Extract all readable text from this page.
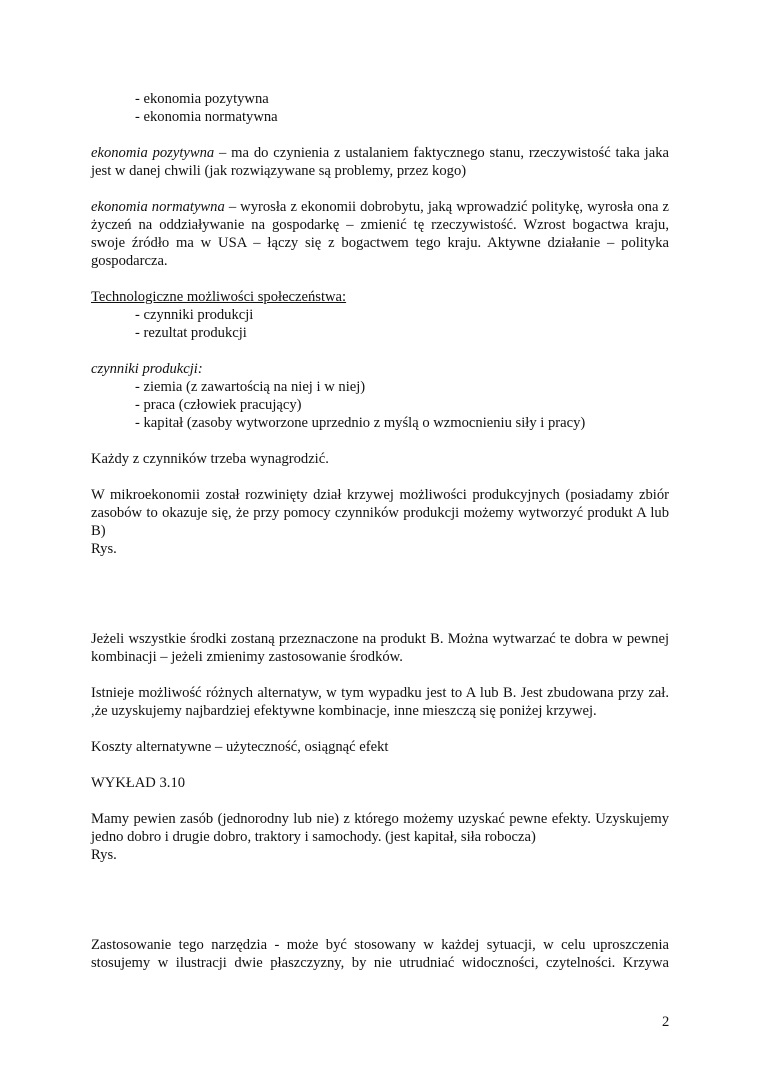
- ekonomia pozytywna
- ekonomia normatywna

ekonomia pozytywna – ma do czynienia z ustalaniem faktycznego stanu, rzeczywistość taka jaka jest w danej chwili (jak rozwiązywane są problemy, przez kogo)

ekonomia normatywna – wyrosła z ekonomii dobrobytu, jaką wprowadzić politykę, wyrosła ona z życzeń na oddziaływanie na gospodarkę – zmienić tę rzeczywistość. Wzrost bogactwa kraju, swoje źródło ma w USA – łączy się z bogactwem tego kraju. Aktywne działanie – polityka gospodarcza.

Technologiczne możliwości społeczeństwa:
- czynniki produkcji
- rezultat produkcji
czynniki produkcji:
- ziemia (z zawartością na niej i w niej)
- praca (człowiek pracujący)
- kapitał (zasoby wytworzone uprzednio z myślą o wzmocnieniu siły i pracy)

Każdy z czynników trzeba wynagrodzić.

W mikroekonomii został rozwinięty dział krzywej możliwości produkcyjnych (posiadamy zbiór zasobów to okazuje się, że przy pomocy czynników produkcji możemy wytworzyć produkt A lub B)

Rys.

Jeżeli wszystkie środki zostaną przeznaczone na produkt B. Można wytwarzać te dobra w pewnej kombinacji – jeżeli zmienimy zastosowanie środków.

Istnieje możliwość różnych alternatyw, w tym wypadku jest to A lub B. Jest zbudowana przy zał. ,że uzyskujemy najbardziej efektywne kombinacje, inne mieszczą się poniżej krzywej.

Koszty alternatywne – użyteczność, osiągnąć efekt

WYKŁAD 3.10

Mamy pewien zasób (jednorodny lub nie) z którego możemy uzyskać pewne efekty. Uzyskujemy jedno dobro i drugie dobro, traktory i samochody. (jest kapitał, siła robocza)

Rys.

Zastosowanie tego narzędzia - może być stosowany w każdej sytuacji, w celu uproszczenia stosujemy w ilustracji dwie płaszczyzny, by nie utrudniać widoczności, czytelności. Krzywa

2
